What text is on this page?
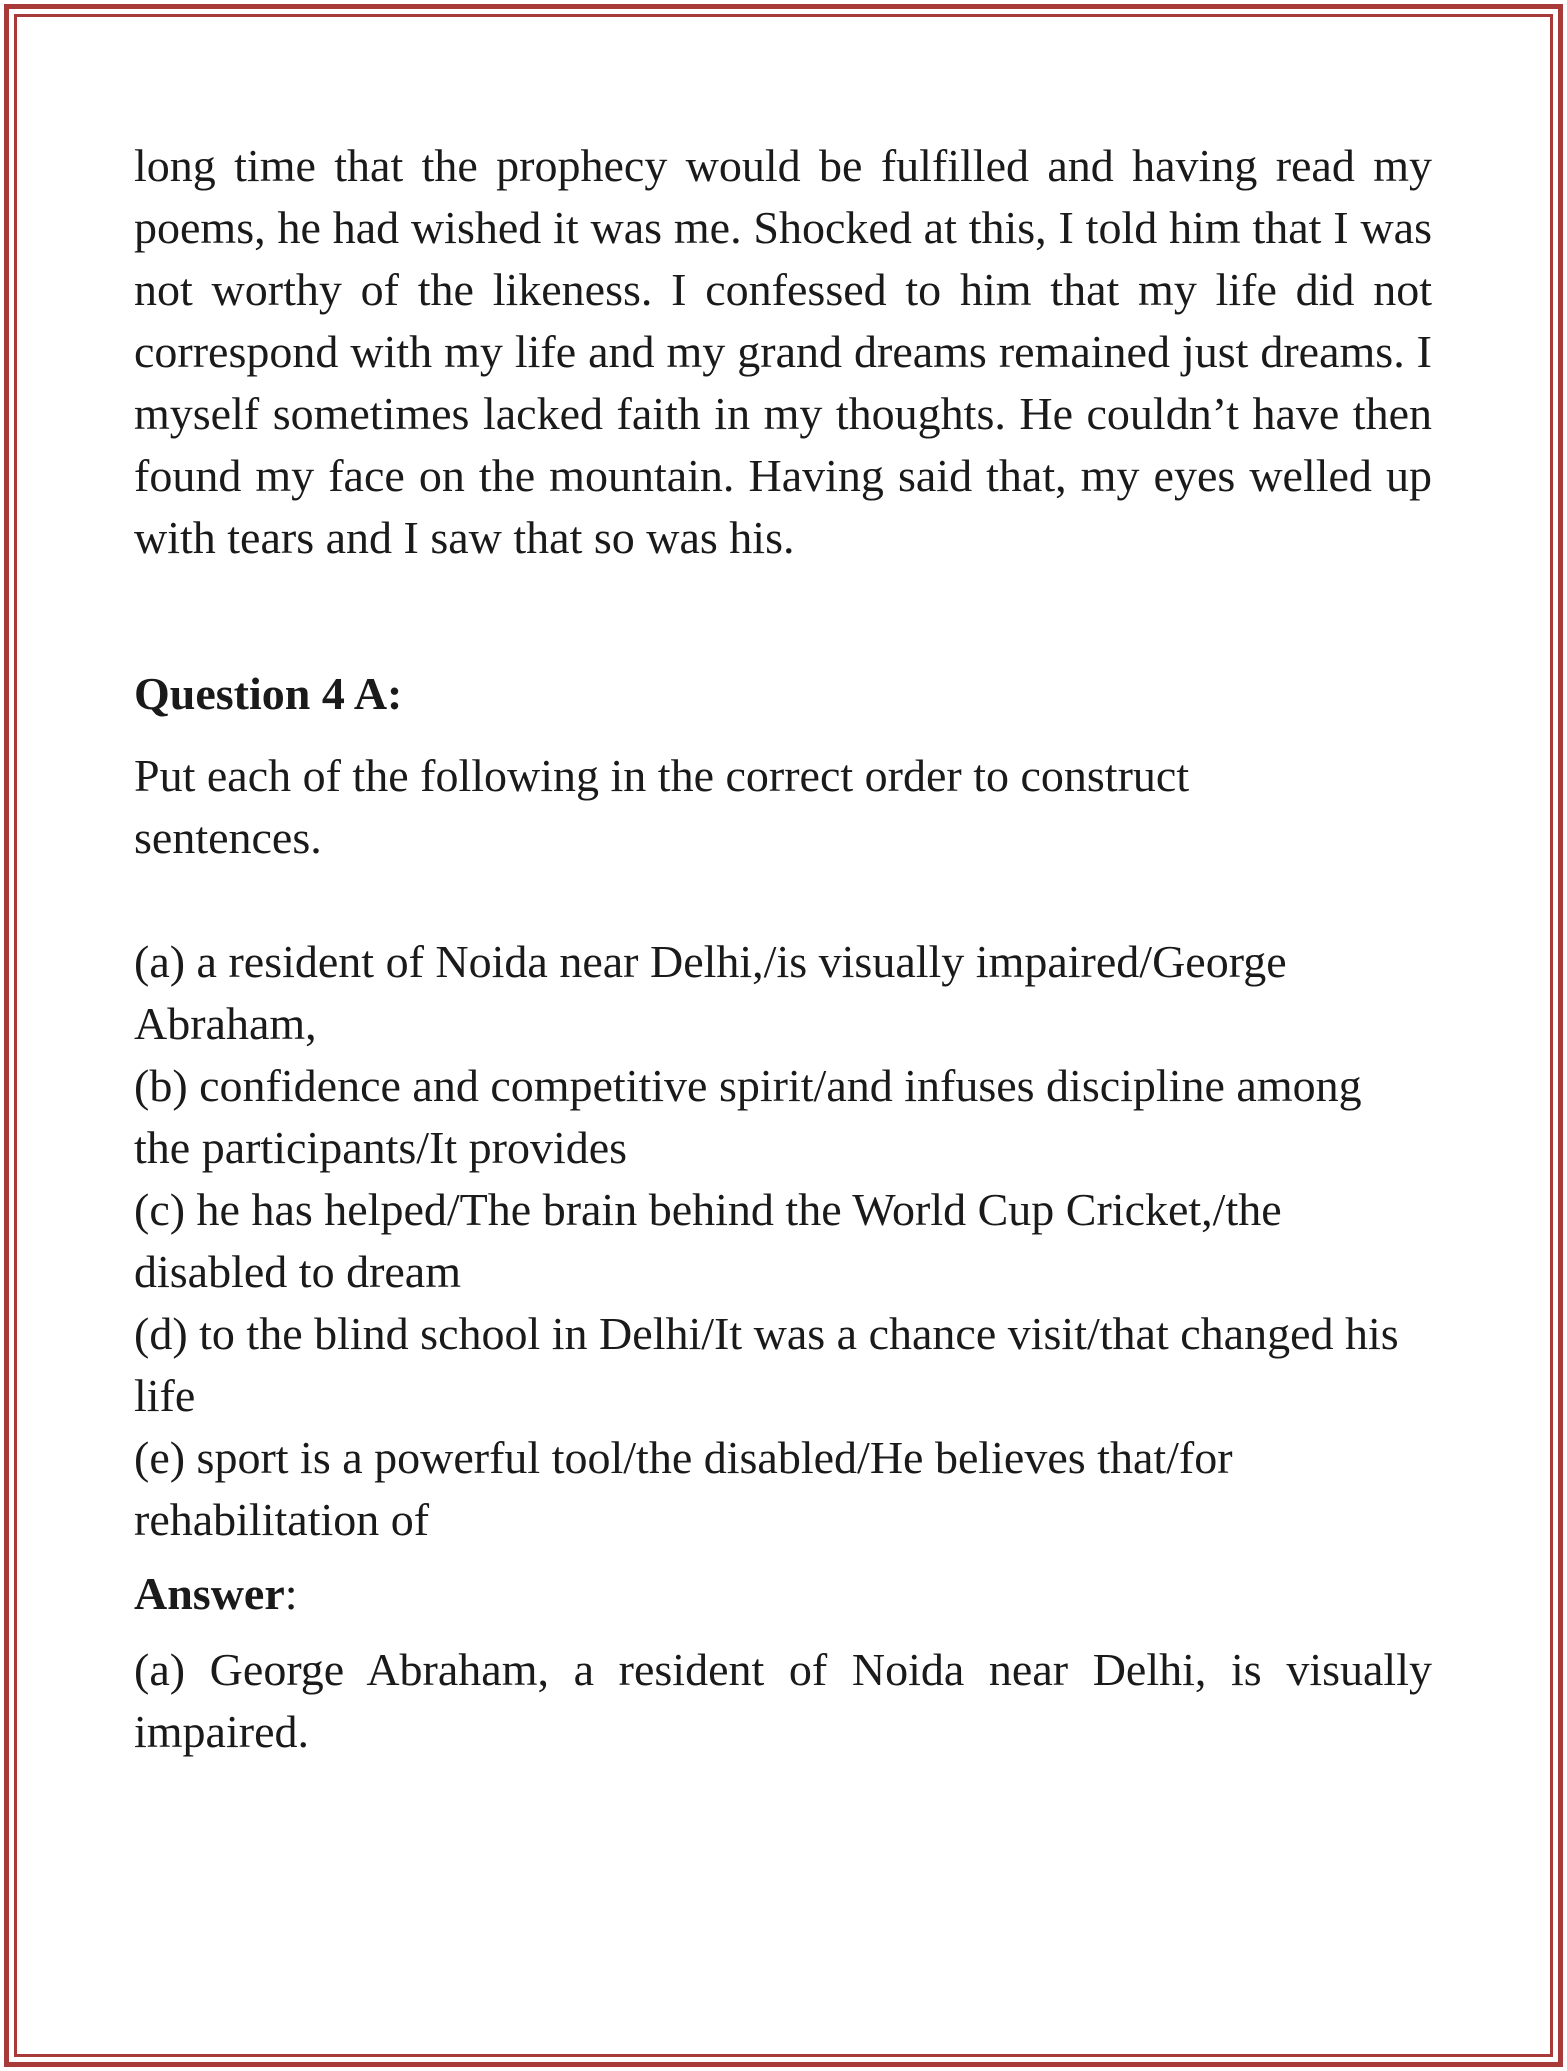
long time that the prophecy would be fulfilled and having read my poems, he had wished it was me. Shocked at this, I told him that I was not worthy of the likeness. I confessed to him that my life did not correspond with my life and my grand dreams remained just dreams. I myself sometimes lacked faith in my thoughts. He couldn’t have then found my face on the mountain. Having said that, my eyes welled up with tears and I saw that so was his.

Question 4 A:

Put each of the following in the correct order to construct sentences.

(a) a resident of Noida near Delhi,/is visually impaired/George Abraham,

(b) confidence and competitive spirit/and infuses discipline among the participants/It provides

(c) he has helped/The brain behind the World Cup Cricket,/the disabled to dream

(d) to the blind school in Delhi/It was a chance visit/that changed his life

(e) sport is a powerful tool/the disabled/He believes that/for rehabilitation of

Answer:

(a) George Abraham, a resident of Noida near Delhi, is visually impaired.
